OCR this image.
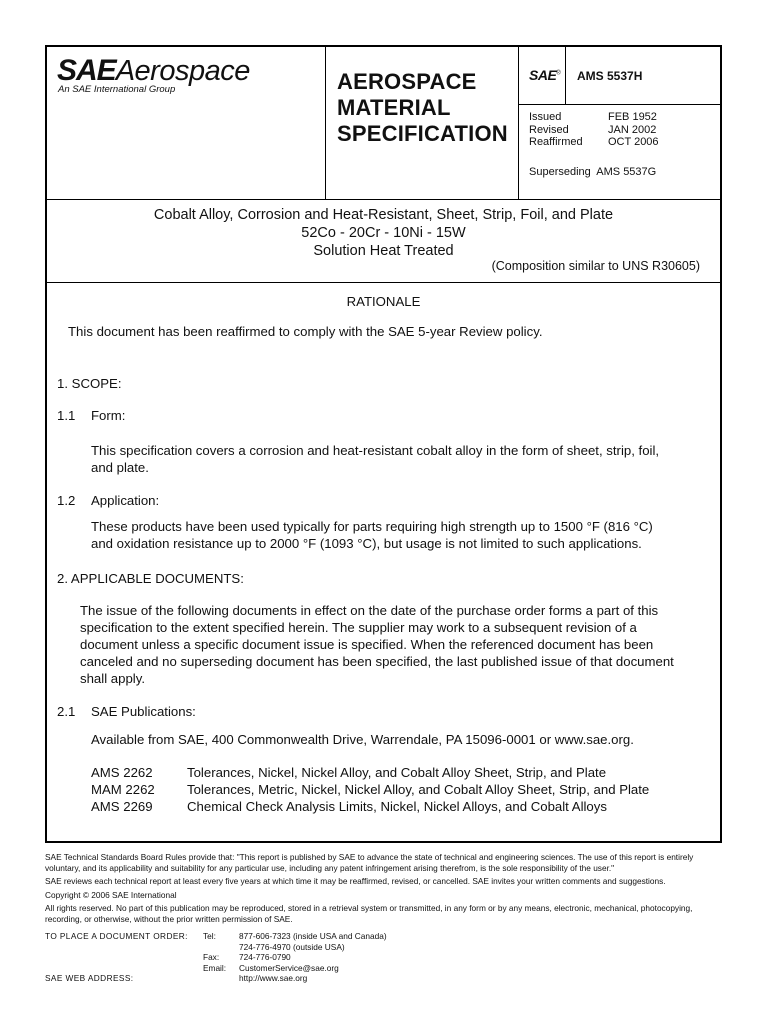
SAEAerospace
An SAE International Group	AEROSPACE
MATERIAL
SPECIFICATION
SAE® AMS 5537H
Issued	FEB 1952
Revised	JAN 2002
Reaffirmed	OCT 2006
Superseding AMS 5537G
Cobalt Alloy, Corrosion and Heat-Resistant, Sheet, Strip, Foil, and Plate
52Co - 20Cr - 10Ni - 15W
Solution Heat Treated
(Composition similar to UNS R30605)
RATIONALE
This document has been reaffirmed to comply with the SAE 5-year Review policy.
1. SCOPE:
1.1 Form:
This specification covers a corrosion and heat-resistant cobalt alloy in the form of sheet, strip, foil,
and plate.
1.2 Application:
These products have been used typically for parts requiring high strength up to 1500 °F (816 °C)
and oxidation resistance up to 2000 °F (1093 °C), but usage is not limited to such applications.
2. APPLICABLE DOCUMENTS:
The issue of the following documents in effect on the date of the purchase order forms a part of this
specification to the extent specified herein. The supplier may work to a subsequent revision of a
document unless a specific document issue is specified. When the referenced document has been
canceled and no superseding document has been specified, the last published issue of that document
shall apply.
2.1 SAE Publications:
Available from SAE, 400 Commonwealth Drive, Warrendale, PA 15096-0001 or www.sae.org.
AMS 2262	Tolerances, Nickel, Nickel Alloy, and Cobalt Alloy Sheet, Strip, and Plate
MAM 2262	Tolerances, Metric, Nickel, Nickel Alloy, and Cobalt Alloy Sheet, Strip, and Plate
AMS 2269	Chemical Check Analysis Limits, Nickel, Nickel Alloys, and Cobalt Alloys

SAE Technical Standards Board Rules provide that: "This report is published by SAE to advance the state of technical and engineering sciences. The use of this report is entirely voluntary, and its applicability and suitability for any particular use, including any patent infringement arising therefrom, is the sole responsibility of the user."

SAE reviews each technical report at least every five years at which time it may be reaffirmed, revised, or cancelled. SAE invites your written comments and suggestions.

Copyright © 2006 SAE International

All rights reserved. No part of this publication may be reproduced, stored in a retrieval system or transmitted, in any form or by any means, electronic, mechanical, photocopying, recording, or otherwise, without the prior written permission of SAE.

TO PLACE A DOCUMENT ORDER:	Tel:	877-606-7323 (inside USA and Canada)
724-776-4970 (outside USA)
Fax: 724-776-0790
Email: CustomerService@sae.org
SAE WEB ADDRESS:	http://www.sae.org
